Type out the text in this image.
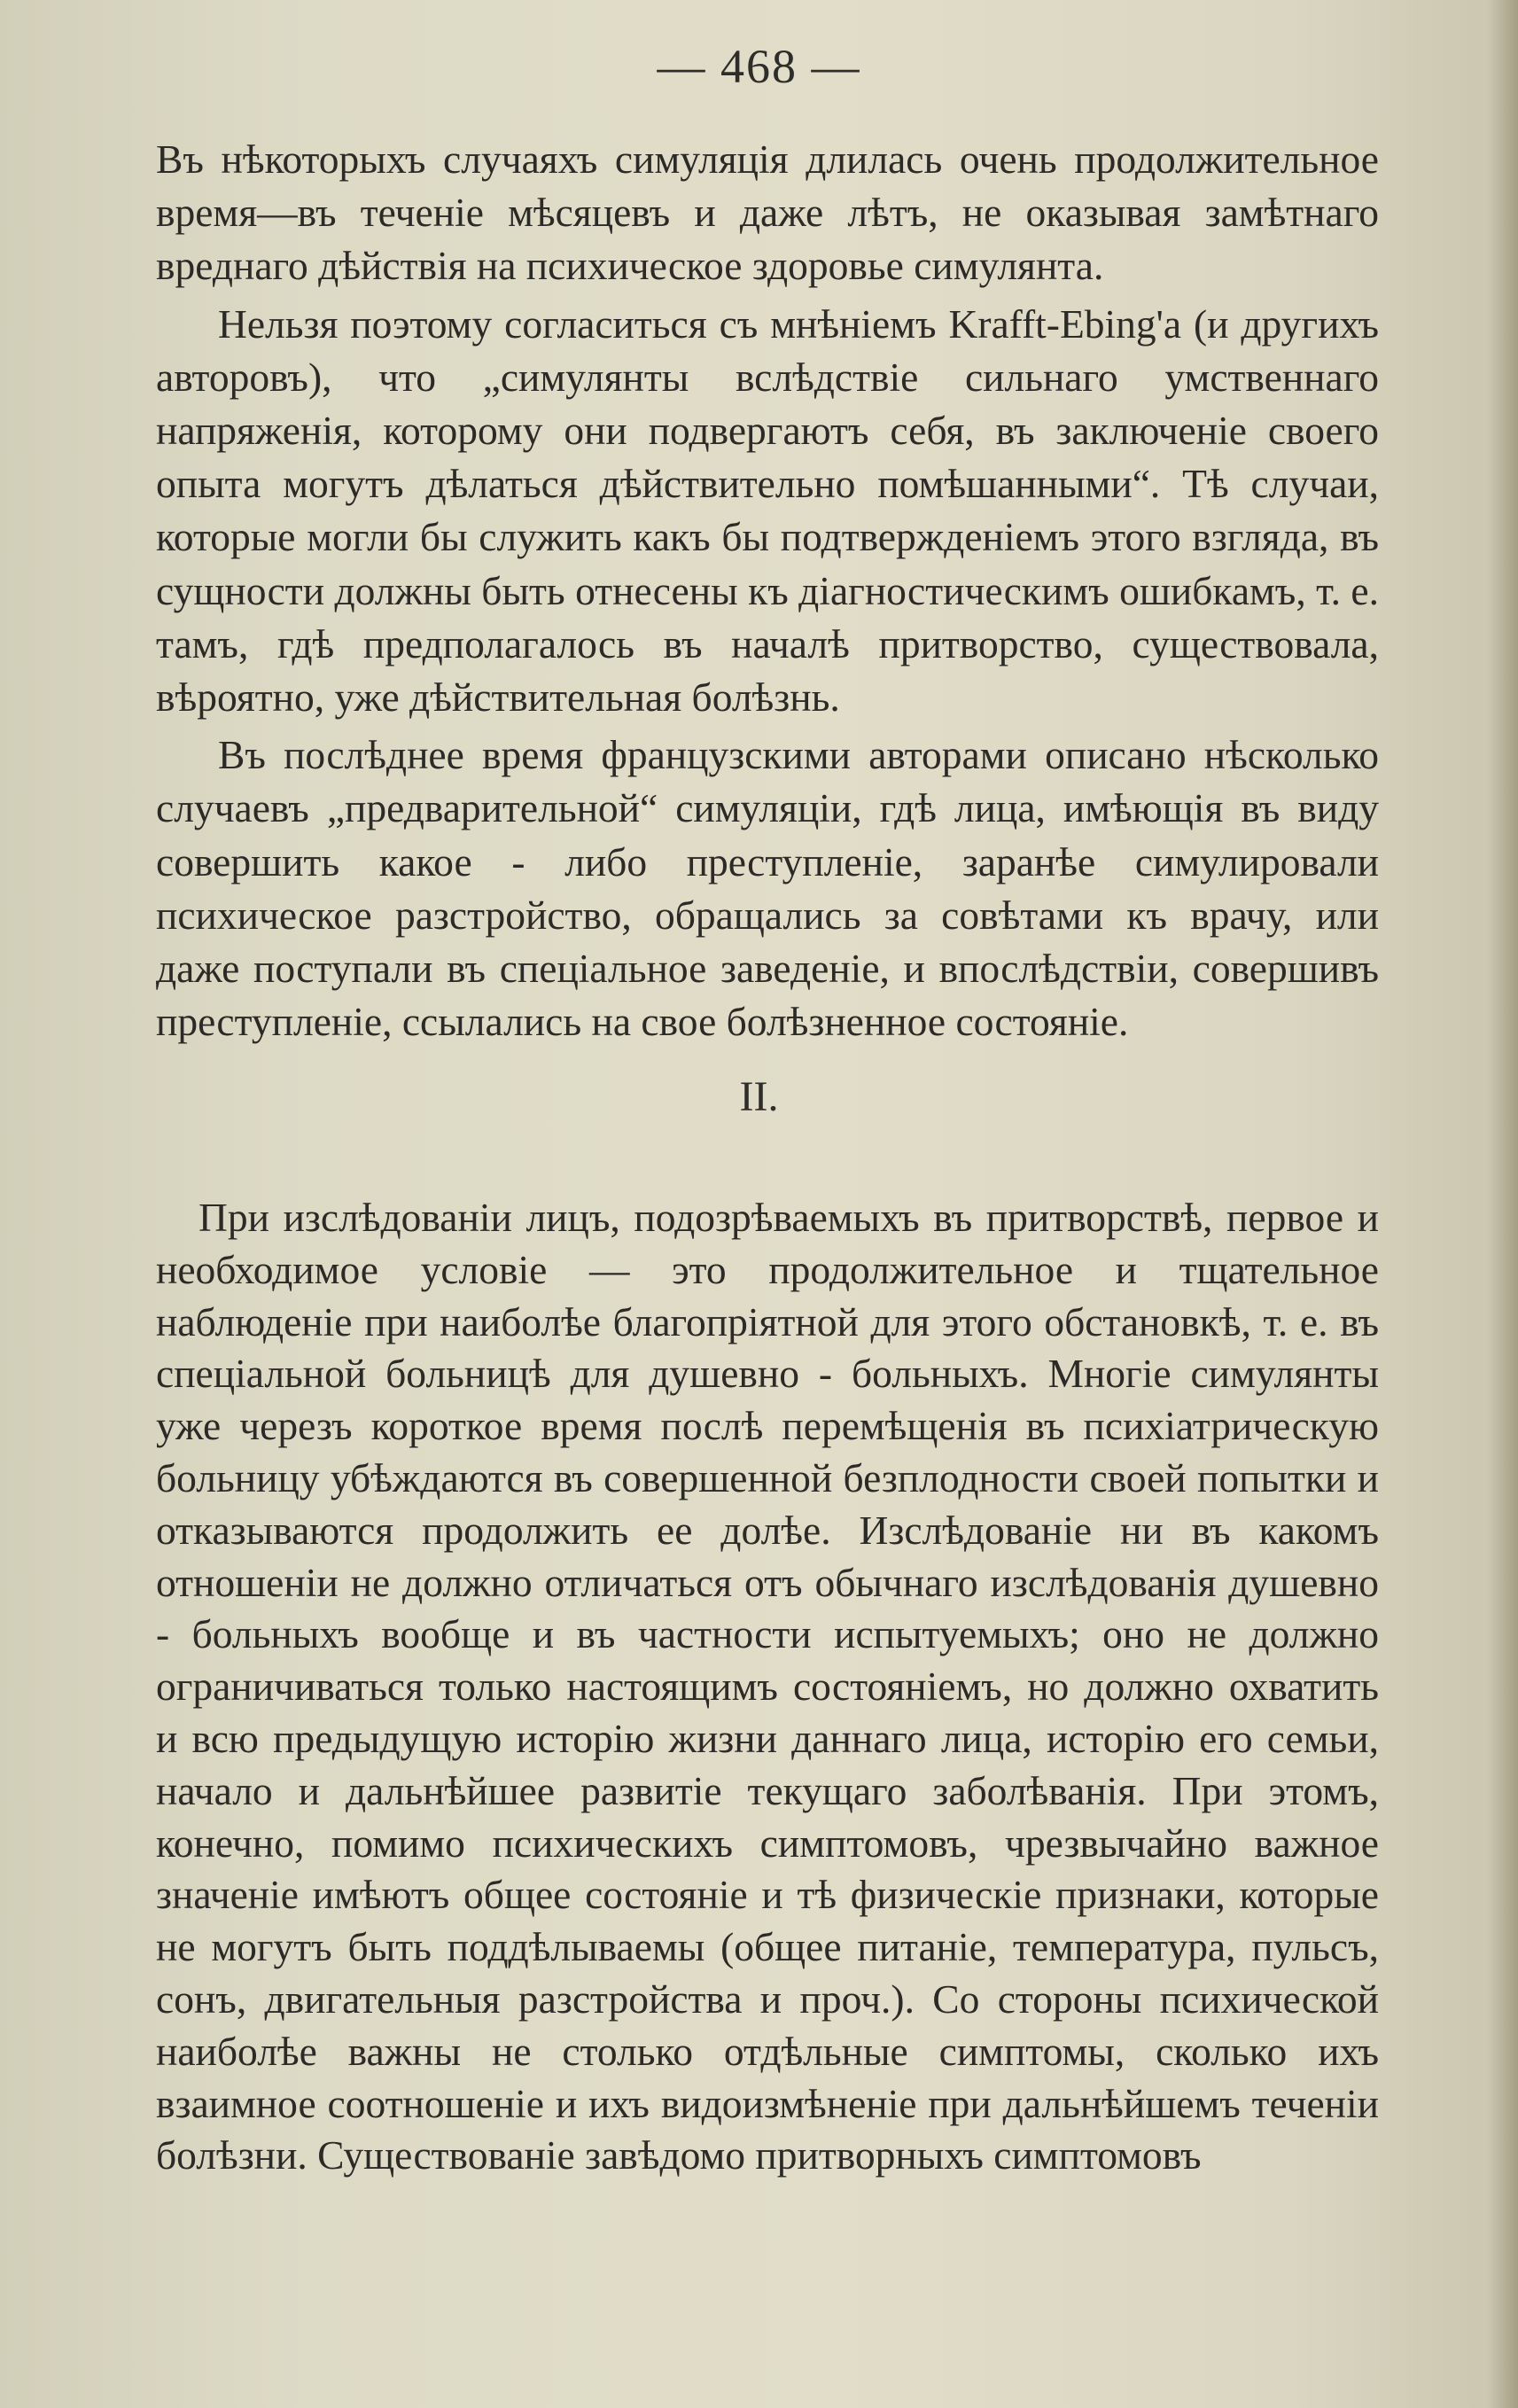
— 468 —

Въ нѣкоторыхъ случаяхъ симуляція длилась очень продолжительное время—въ теченіе мѣсяцевъ и даже лѣтъ, не оказывая замѣтнаго вреднаго дѣйствія на психическое здоровье симулянта.

Нельзя поэтому согласиться съ мнѣніемъ Krafft-Ebing'a (и другихъ авторовъ), что „симулянты вслѣдствіе сильнаго умственнаго напряженія, которому они подвергаютъ себя, въ заключеніе своего опыта могутъ дѣлаться дѣйствительно помѣшанными“. Тѣ случаи, которые могли бы служить какъ бы подтвержденіемъ этого взгляда, въ сущности должны быть отнесены къ діагностическимъ ошибкамъ, т. е. тамъ, гдѣ предполагалось въ началѣ притворство, существовала, вѣроятно, уже дѣйствительная болѣзнь.

Въ послѣднее время французскими авторами описано нѣсколько случаевъ „предварительной“ симуляціи, гдѣ лица, имѣющія въ виду совершить какое - либо преступленіе, заранѣе симулировали психическое разстройство, обращались за совѣтами къ врачу, или даже поступали въ спеціальное заведеніе, и впослѣдствіи, совершивъ преступленіе, ссылались на свое болѣзненное состояніе.

II.

При изслѣдованіи лицъ, подозрѣваемыхъ въ притворствѣ, первое и необходимое условіе — это продолжительное и тщательное наблюденіе при наиболѣе благопріятной для этого обстановкѣ, т. е. въ спеціальной больницѣ для душевно - больныхъ. Многіе симулянты уже черезъ короткое время послѣ перемѣщенія въ психіатрическую больницу убѣждаются въ совершенной безплодности своей попытки и отказываются продолжить ее долѣе. Изслѣдованіе ни въ какомъ отношеніи не должно отличаться отъ обычнаго изслѣдованія душевно - больныхъ вообще и въ частности испытуемыхъ; оно не должно ограничиваться только настоящимъ состояніемъ, но должно охватить и всю предыдущую исторію жизни даннаго лица, исторію его семьи, начало и дальнѣйшее развитіе текущаго заболѣванія. При этомъ, конечно, помимо психическихъ симптомовъ, чрезвычайно важное значеніе имѣютъ общее состояніе и тѣ физическіе признаки, которые не могутъ быть поддѣлываемы (общее питаніе, температура, пульсъ, сонъ, двигательныя разстройства и проч.). Со стороны психической наиболѣе важны не столько отдѣльные симптомы, сколько ихъ взаимное соотношеніе и ихъ видоизмѣненіе при дальнѣйшемъ теченіи болѣзни. Существованіе завѣдомо притворныхъ симптомовъ
